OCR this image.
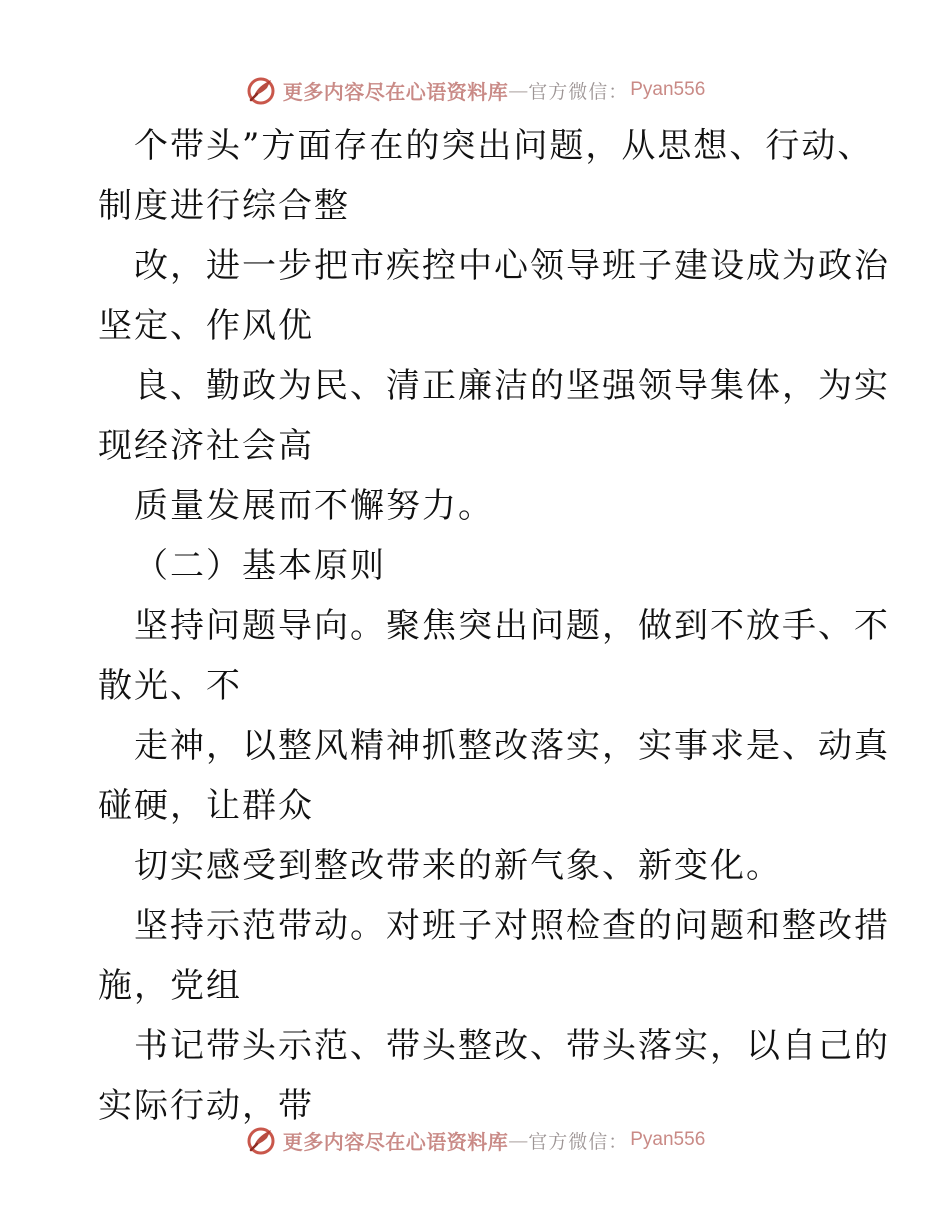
更多内容尽在心语资料库 — 官方微信： Pyan556
个带头”方面存在的突出问题，从思想、行动、
制度进行综合整
改，进一步把市疾控中心领导班子建设成为政治
坚定、作风优
良、勤政为民、清正廉洁的坚强领导集体，为实
现经济社会高
质量发展而不懈努力。
（二）基本原则
坚持问题导向。聚焦突出问题，做到不放手、不
散光、不
走神，以整风精神抓整改落实，实事求是、动真
碰硬，让群众
切实感受到整改带来的新气象、新变化。
坚持示范带动。对班子对照检查的问题和整改措
施，党组
书记带头示范、带头整改、带头落实，以自己的
实际行动，带
更多内容尽在心语资料库 — 官方微信： Pyan556
